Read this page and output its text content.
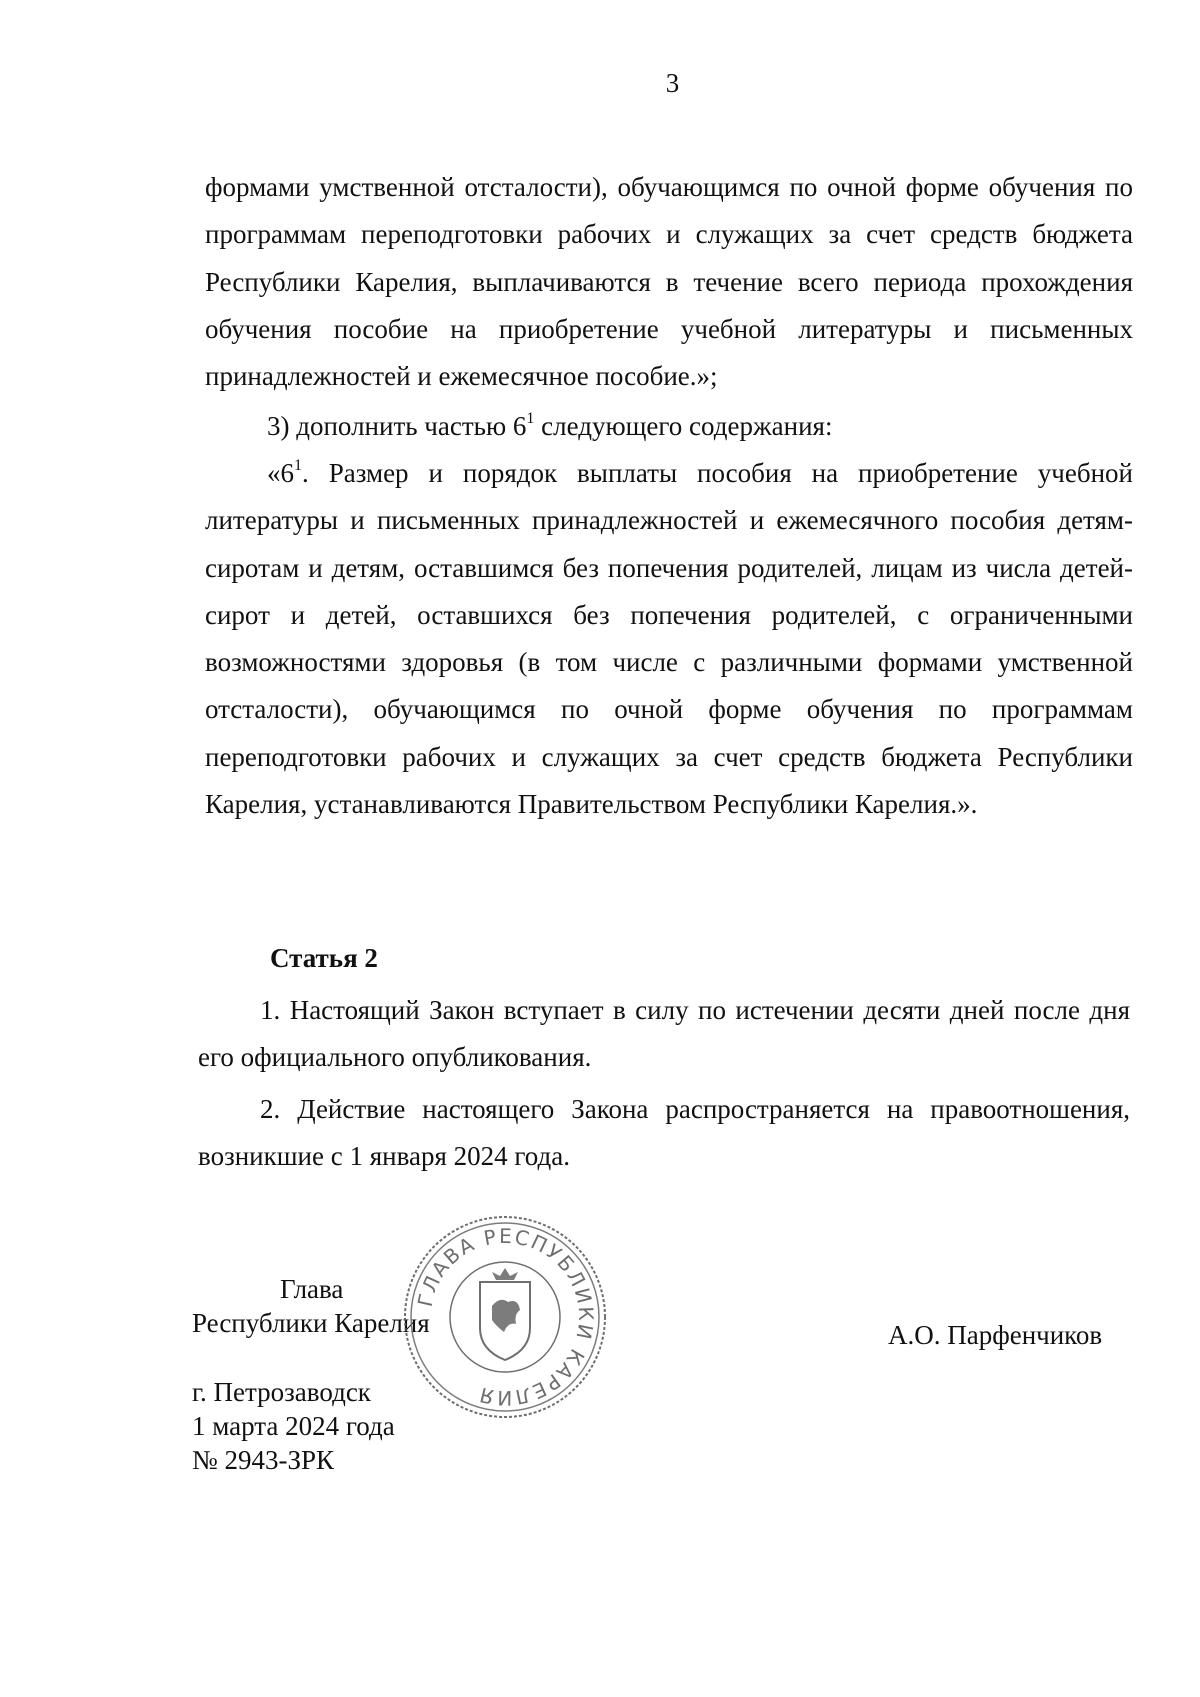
3
формами умственной отсталости), обучающимся по очной форме обучения по программам переподготовки рабочих и служащих за счет средств бюджета Республики Карелия, выплачиваются в течение всего периода прохождения обучения пособие на приобретение учебной литературы и письменных принадлежностей и ежемесячное пособие.»;
3) дополнить частью $6^1$ следующего содержания:
«$6^1$. Размер и порядок выплаты пособия на приобретение учебной литературы и письменных принадлежностей и ежемесячного пособия детям-сиротам и детям, оставшимся без попечения родителей, лицам из числа детей-сирот и детей, оставшихся без попечения родителей, с ограниченными возможностями здоровья (в том числе с различными формами умственной отсталости), обучающимся по очной форме обучения по программам переподготовки рабочих и служащих за счет средств бюджета Республики Карелия, устанавливаются Правительством Республики Карелия.».
Статья 2
1. Настоящий Закон вступает в силу по истечении десяти дней после дня его официального опубликования.
2. Действие настоящего Закона распространяется на правоотношения, возникшие с 1 января 2024 года.
Глава
Республики Карелия	А.О. Парфенчиков
г. Петрозаводск
1 марта 2024 года
№ 2943-ЗРК
ГЛАВА РЕСПУБЛИКИ КАРЕЛИЯ
